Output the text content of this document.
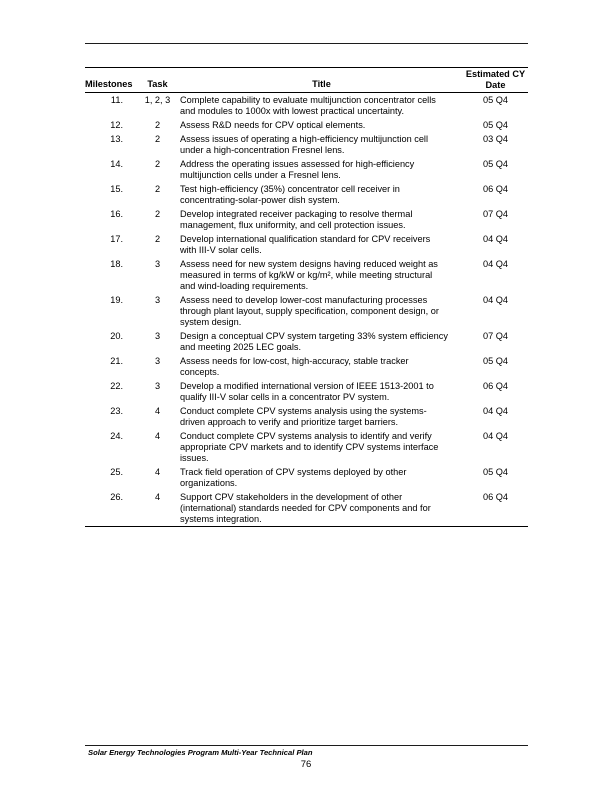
Milestones	Task	Title	Estimated CY
Date

11.	1, 2, 3	Complete capability to evaluate multijunction concentrator cells and modules to 1000x with lowest practical uncertainty.	05 Q4
12.	2	Assess R&D needs for CPV optical elements.	05 Q4
13.	2	Assess issues of operating a high-efficiency multijunction cell under a high-concentration Fresnel lens.	03 Q4
14.	2	Address the operating issues assessed for high-efficiency multijunction cells under a Fresnel lens.	05 Q4
15.	2	Test high-efficiency (35%) concentrator cell receiver in concentrating-solar-power dish system.	06 Q4
16.	2	Develop integrated receiver packaging to resolve thermal management, flux uniformity, and cell protection issues.	07 Q4
17.	2	Develop international qualification standard for CPV receivers with III-V solar cells.	04 Q4
18.	3	Assess need for new system designs having reduced weight as measured in terms of kg/kW or kg/m², while meeting structural and wind-loading requirements.	04 Q4
19.	3	Assess need to develop lower-cost manufacturing processes through plant layout, supply specification, component design, or system design.	04 Q4
20.	3	Design a conceptual CPV system targeting 33% system efficiency and meeting 2025 LEC goals.	07 Q4
21.	3	Assess needs for low-cost, high-accuracy, stable tracker concepts.	05 Q4
22.	3	Develop a modified international version of IEEE 1513-2001 to qualify III-V solar cells in a concentrator PV system.	06 Q4
23.	4	Conduct complete CPV systems analysis using the systems-driven approach to verify and prioritize target barriers.	04 Q4
24.	4	Conduct complete CPV systems analysis to identify and verify appropriate CPV markets and to identify CPV systems interface issues.	04 Q4
25.	4	Track field operation of CPV systems deployed by other organizations.	05 Q4
26.	4	Support CPV stakeholders in the development of other (international) standards needed for CPV components and for systems integration.	06 Q4
Solar Energy Technologies Program Multi-Year Technical Plan
76
